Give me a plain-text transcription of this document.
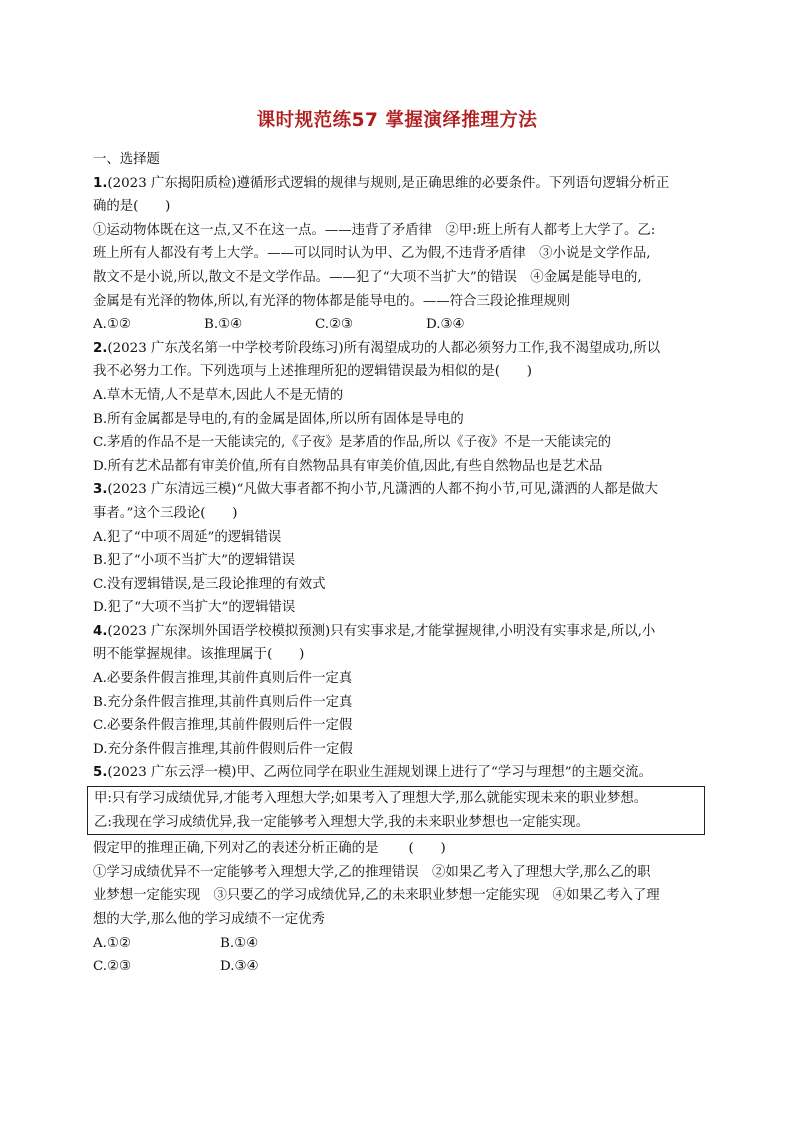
课时规范练57 掌握演绎推理方法
一、选择题
1.(2023 广东揭阳质检)遵循形式逻辑的规律与规则,是正确思维的必要条件。下列语句逻辑分析正
确的是(　　)
①运动物体既在这一点,又不在这一点。——违背了矛盾律　②甲:班上所有人都考上大学了。乙:
班上所有人都没有考上大学。——可以同时认为甲、乙为假,不违背矛盾律　③小说是文学作品,
散文不是小说,所以,散文不是文学作品。——犯了“大项不当扩大”的错误　④金属是能导电的,
金属是有光泽的物体,所以,有光泽的物体都是能导电的。——符合三段论推理规则
A.①②	B.①④	C.②③	D.③④
2.(2023 广东茂名第一中学校考阶段练习)所有渴望成功的人都必须努力工作,我不渴望成功,所以
我不必努力工作。下列选项与上述推理所犯的逻辑错误最为相似的是(　　)
A.草木无情,人不是草木,因此人不是无情的
B.所有金属都是导电的,有的金属是固体,所以所有固体是导电的
C.茅盾的作品不是一天能读完的,《子夜》是茅盾的作品,所以《子夜》不是一天能读完的
D.所有艺术品都有审美价值,所有自然物品具有审美价值,因此,有些自然物品也是艺术品
3.(2023 广东清远三模)“凡做大事者都不拘小节,凡潇洒的人都不拘小节,可见,潇洒的人都是做大
事者。”这个三段论(　　)
A.犯了“中项不周延”的逻辑错误
B.犯了“小项不当扩大”的逻辑错误
C.没有逻辑错误,是三段论推理的有效式
D.犯了“大项不当扩大”的逻辑错误
4.(2023 广东深圳外国语学校模拟预测)只有实事求是,才能掌握规律,小明没有实事求是,所以,小
明不能掌握规律。该推理属于(　　)
A.必要条件假言推理,其前件真则后件一定真
B.充分条件假言推理,其前件真则后件一定真
C.必要条件假言推理,其前件假则后件一定假
D.充分条件假言推理,其前件假则后件一定假
5.(2023 广东云浮一模)甲、乙两位同学在职业生涯规划课上进行了“学习与理想”的主题交流。
甲:只有学习成绩优异,才能考入理想大学;如果考入了理想大学,那么就能实现未来的职业梦想。
乙:我现在学习成绩优异,我一定能够考入理想大学,我的未来职业梦想也一定能实现。
假定甲的推理正确,下列对乙的表述分析正确的是 (　　)
①学习成绩优异不一定能够考入理想大学,乙的推理错误　②如果乙考入了理想大学,那么乙的职
业梦想一定能实现　③只要乙的学习成绩优异,乙的未来职业梦想一定能实现　④如果乙考入了理
想的大学,那么他的学习成绩不一定优秀
A.①②	B.①④
C.②③	D.③④
